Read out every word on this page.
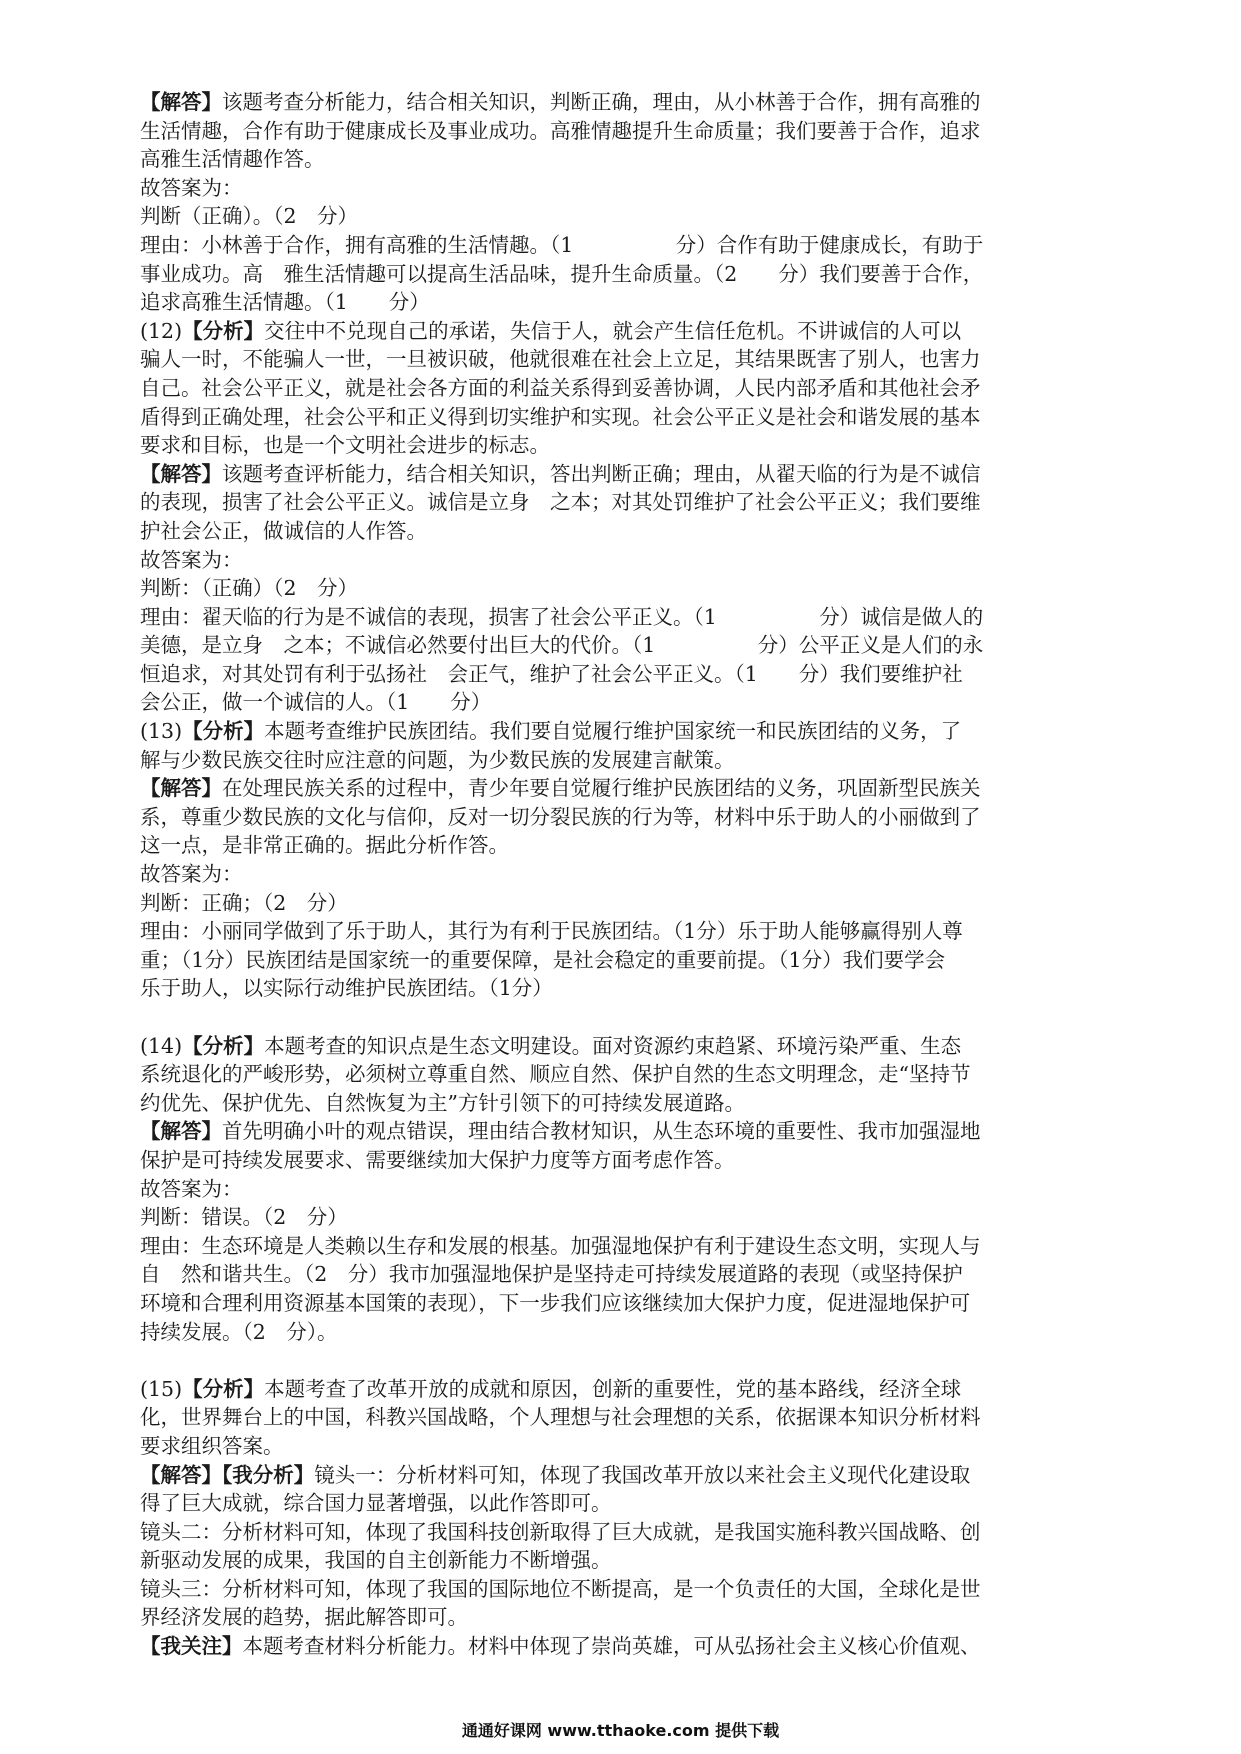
【解答】该题考查分析能力，结合相关知识，判断正确，理由，从小林善于合作，拥有高雅的
生活情趣，合作有助于健康成长及事业成功。高雅情趣提升生命质量；我们要善于合作，追求
高雅生活情趣作答。
故答案为：
判断（正确）。（2　分）
理由：小林善于合作，拥有高雅的生活情趣。（1　　　　　分）合作有助于健康成长，有助于
事业成功。高　雅生活情趣可以提高生活品味，提升生命质量。（2　　分）我们要善于合作，
追求高雅生活情趣。（1　　分）
(12)【分析】交往中不兑现自己的承诺，失信于人，就会产生信任危机。不讲诚信的人可以
骗人一时，不能骗人一世，一旦被识破，他就很难在社会上立足，其结果既害了别人，也害力
自己。社会公平正义，就是社会各方面的利益关系得到妥善协调，人民内部矛盾和其他社会矛
盾得到正确处理，社会公平和正义得到切实维护和实现。社会公平正义是社会和谐发展的基本
要求和目标，也是一个文明社会进步的标志。
【解答】该题考查评析能力，结合相关知识，答出判断正确；理由，从翟天临的行为是不诚信
的表现，损害了社会公平正义。诚信是立身　之本；对其处罚维护了社会公平正义；我们要维
护社会公正，做诚信的人作答。
故答案为：
判断：（正确）（2　分）
理由：翟天临的行为是不诚信的表现，损害了社会公平正义。（1　　　　　分）诚信是做人的
美德，是立身　之本；不诚信必然要付出巨大的代价。（1　　　　　分）公平正义是人们的永
恒追求，对其处罚有利于弘扬社　会正气，维护了社会公平正义。（1　　分）我们要维护社
会公正，做一个诚信的人。（1　　分）
(13)【分析】本题考查维护民族团结。我们要自觉履行维护国家统一和民族团结的义务，了
解与少数民族交往时应注意的问题，为少数民族的发展建言献策。
【解答】在处理民族关系的过程中，青少年要自觉履行维护民族团结的义务，巩固新型民族关
系，尊重少数民族的文化与信仰，反对一切分裂民族的行为等，材料中乐于助人的小丽做到了
这一点，是非常正确的。据此分析作答。
故答案为：
判断：正确；（2　分）
理由：小丽同学做到了乐于助人，其行为有利于民族团结。（1分）乐于助人能够赢得别人尊
重；（1分）民族团结是国家统一的重要保障，是社会稳定的重要前提。（1分）我们要学会
乐于助人，以实际行动维护民族团结。（1分）
(14)【分析】本题考查的知识点是生态文明建设。面对资源约束趋紧、环境污染严重、生态
系统退化的严峻形势，必须树立尊重自然、顺应自然、保护自然的生态文明理念，走“坚持节
约优先、保护优先、自然恢复为主”方针引领下的可持续发展道路。
【解答】首先明确小叶的观点错误，理由结合教材知识，从生态环境的重要性、我市加强湿地
保护是可持续发展要求、需要继续加大保护力度等方面考虑作答。
故答案为：
判断：错误。（2　分）
理由：生态环境是人类赖以生存和发展的根基。加强湿地保护有利于建设生态文明，实现人与
自　然和谐共生。（2　分）我市加强湿地保护是坚持走可持续发展道路的表现（或坚持保护
环境和合理利用资源基本国策的表现），下一步我们应该继续加大保护力度，促进湿地保护可
持续发展。（2　分）。
(15)【分析】本题考查了改革开放的成就和原因，创新的重要性，党的基本路线，经济全球
化，世界舞台上的中国，科教兴国战略，个人理想与社会理想的关系，依据课本知识分析材料
要求组织答案。
【解答】【我分析】镜头一：分析材料可知，体现了我国改革开放以来社会主义现代化建设取
得了巨大成就，综合国力显著增强，以此作答即可。
镜头二：分析材料可知，体现了我国科技创新取得了巨大成就，是我国实施科教兴国战略、创
新驱动发展的成果，我国的自主创新能力不断增强。
镜头三：分析材料可知，体现了我国的国际地位不断提高，是一个负责任的大国，全球化是世
界经济发展的趋势，据此解答即可。
【我关注】本题考查材料分析能力。材料中体现了崇尚英雄，可从弘扬社会主义核心价值观、
通通好课网 www.tthaoke.com 提供下载
